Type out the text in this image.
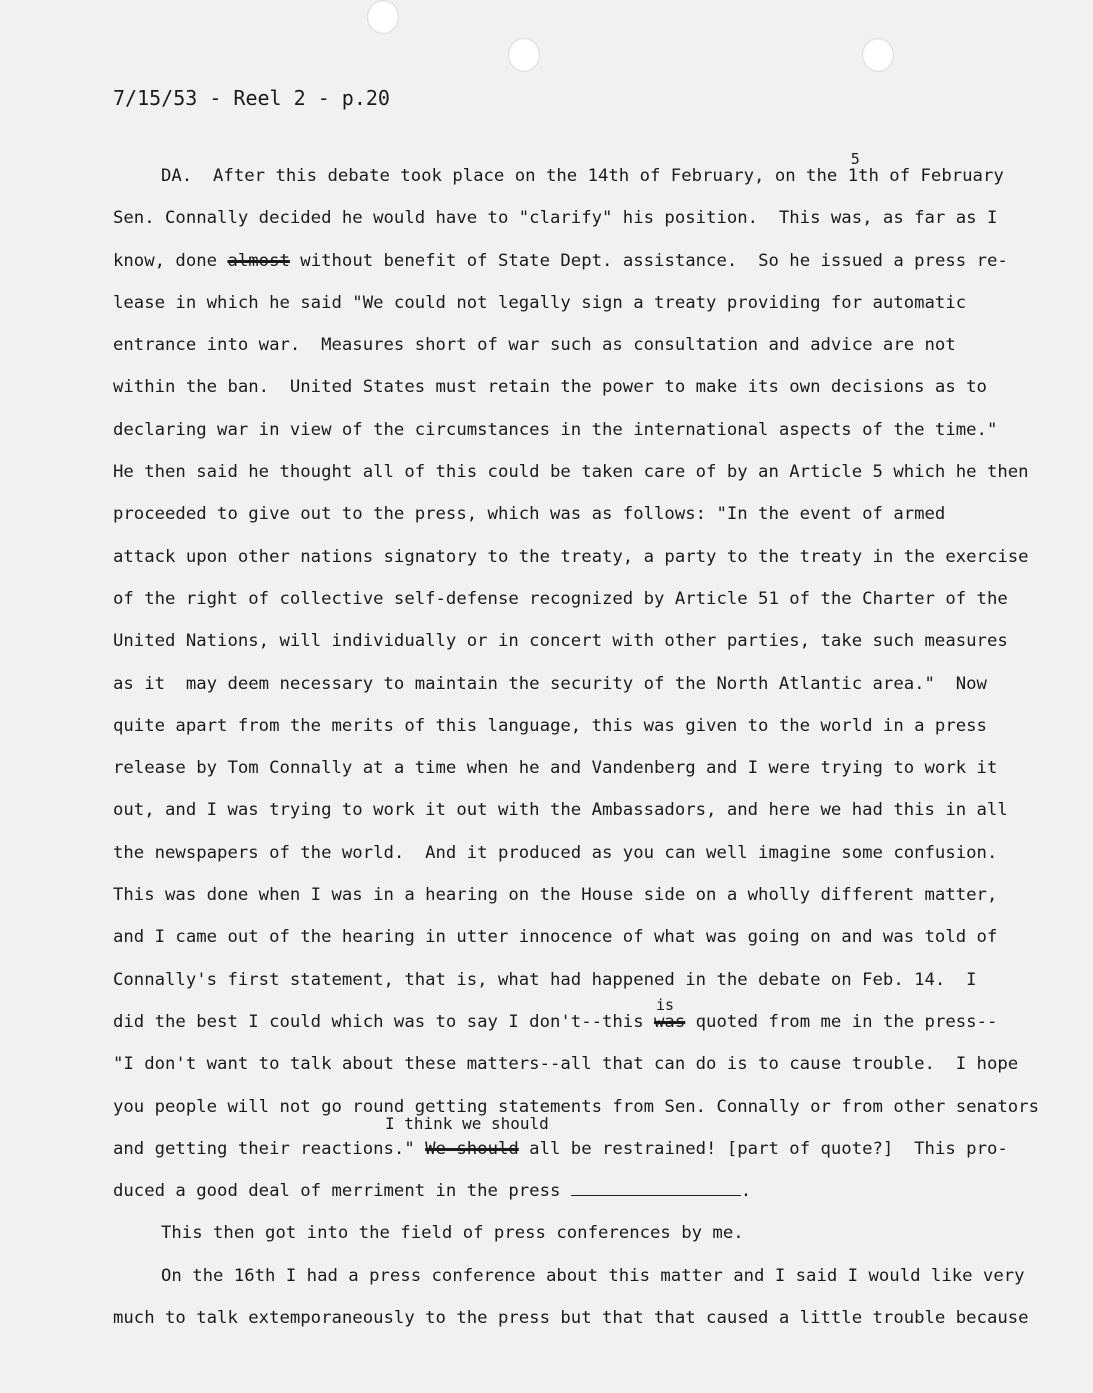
7/15/53 - Reel 2 - p.20
DA.  After this debate took place on the 14th of February, on the 1
5
th of February
Sen. Connally decided he would have to "clarify" his position.  This was, as far as I
know, done almost without benefit of State Dept. assistance.  So he issued a press re-
lease in which he said "We could not legally sign a treaty providing for automatic
entrance into war.  Measures short of war such as consultation and advice are not
within the ban.  United States must retain the power to make its own decisions as to
declaring war in view of the circumstances in the international aspects of the time."
He then said he thought all of this could be taken care of by an Article 5 which he then
proceeded to give out to the press, which was as follows: "In the event of armed
attack upon other nations signatory to the treaty, a party to the treaty in the exercise
of the right of collective self-defense recognized by Article 51 of the Charter of the
United Nations, will individually or in concert with other parties, take such measures
as it  may deem necessary to maintain the security of the North Atlantic area."  Now
quite apart from the merits of this language, this was given to the world in a press
release by Tom Connally at a time when he and Vandenberg and I were trying to work it
out, and I was trying to work it out with the Ambassadors, and here we had this in all
the newspapers of the world.  And it produced as you can well imagine some confusion.
This was done when I was in a hearing on the House side on a wholly different matter,
and I came out of the hearing in utter innocence of what was going on and was told of
Connally's first statement, that is, what had happened in the debate on Feb. 14.  I
did the best I could which was to say I don't--this was
is
quoted from me in the press--
"I don't want to talk about these matters--all that can do is to cause trouble.  I hope
you people will not go round getting statements from Sen. Connally or from other senators
I think we should
and getting their reactions." We should all be restrained! [part of quote?]  This pro-
duced a good deal of merriment in the press	.
This then got into the field of press conferences by me.
On the 16th I had a press conference about this matter and I said I would like very
much to talk extemporaneously to the press but that that caused a little trouble because
